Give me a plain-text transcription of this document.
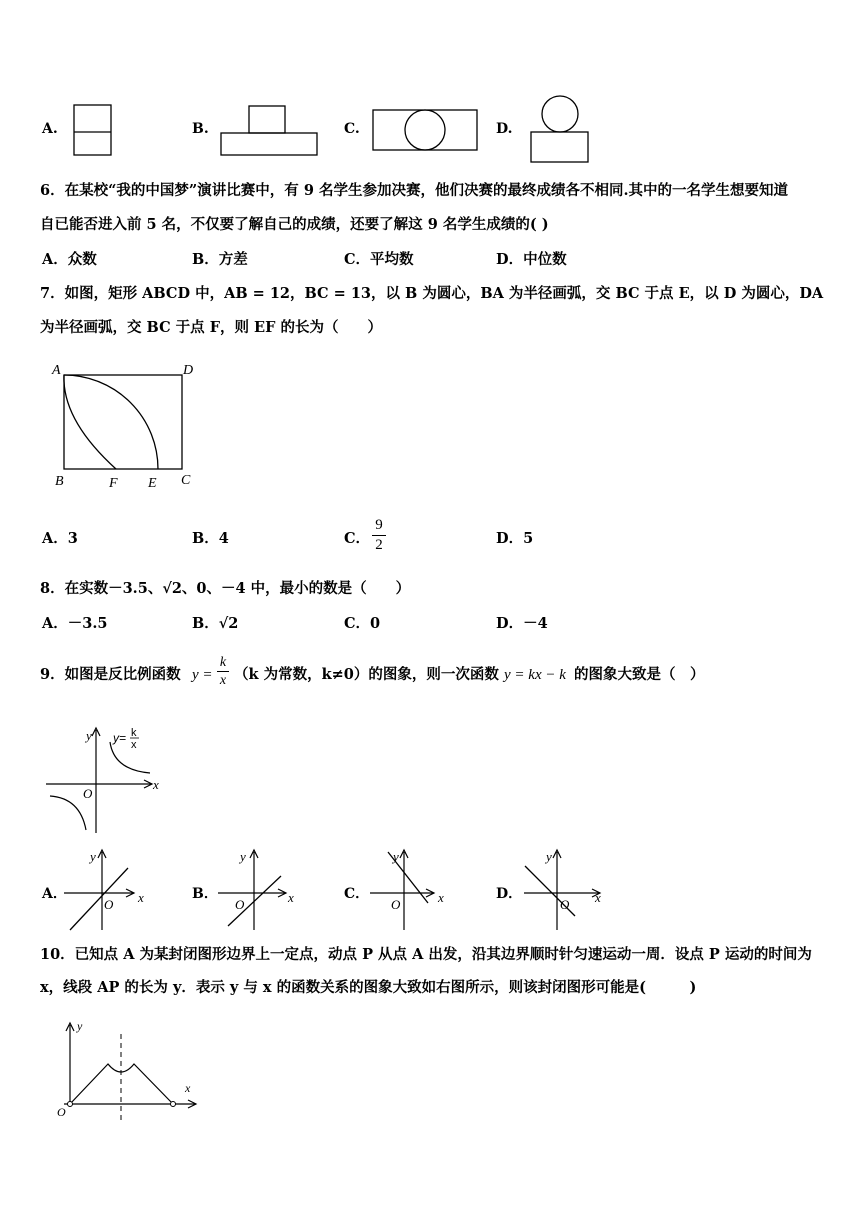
A.	B.	C.	D.
6．在某校“我的中国梦”演讲比赛中，有 9 名学生参加决赛，他们决赛的最终成绩各不相同.其中的一名学生想要知道
自已能否进入前 5 名，不仅要了解自己的成绩，还要了解这 9 名学生成绩的( )
A．众数	B．方差	C．平均数	D．中位数
7．如图，矩形 ABCD 中，AB = 12，BC = 13，以 B 为圆心，BA 为半径画弧，交 BC 于点 E，以 D 为圆心，DA
为半径画弧，交 BC 于点 F，则 EF 的长为（　　）
A	D
B	F E C
A．3	B．4	C．
9
2	D．5
8．在实数－3.5、√2、0、－4 中，最小的数是（　　）
A．－3.5	B．√2	C．0	D．－4
9．如图是反比例函数 y =
k
x （k 为常数，k≠0）的图象，则一次函数 y = kx − k 的图象大致是（　）
y
x
O
y= k
x
A．
y
x
O
B．
y
x
O
C．
y
x
O
D．
y
x
O
10．已知点 A 为某封闭图形边界上一定点，动点 P 从点 A 出发，沿其边界顺时针匀速运动一周．设点 P 运动的时间为
x，线段 AP 的长为 y．表示 y 与 x 的函数关系的图象大致如右图所示，则该封闭图形可能是(　　　)
y
x
O
